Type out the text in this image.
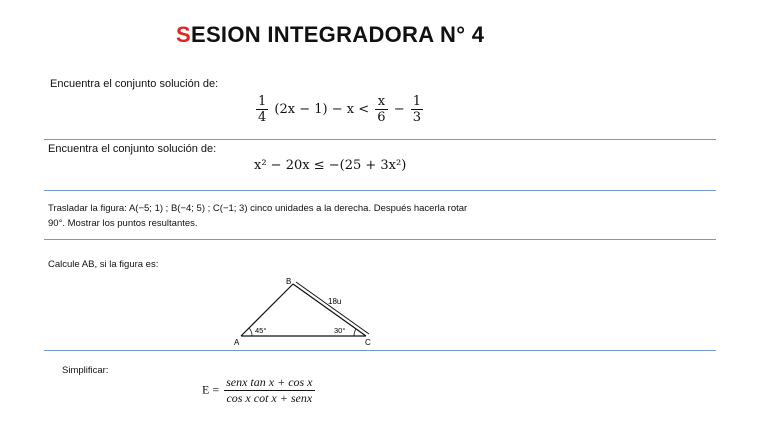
SESION INTEGRADORA N° 4
Encuentra el conjunto solución de:
$\frac{1}{4} (2x - 1) - x < \frac{x}{6} - \frac{1}{3}$
Encuentra el conjunto solución de:
x² − 20x ≤ −(25 + 3x²)
Trasladar la figura: A(−5; 1) ; B(−4; 5) ; C(−1; 3) cinco unidades a la derecha. Después hacerla rotar
90°. Mostrar los puntos resultantes.
Calcule AB, si la figura es:
B
A	C
18u
45°	30°
Simplificar:
$E = \frac{\text{senx tan x + cos x}}{\text{cos x cot x + senx}}$
